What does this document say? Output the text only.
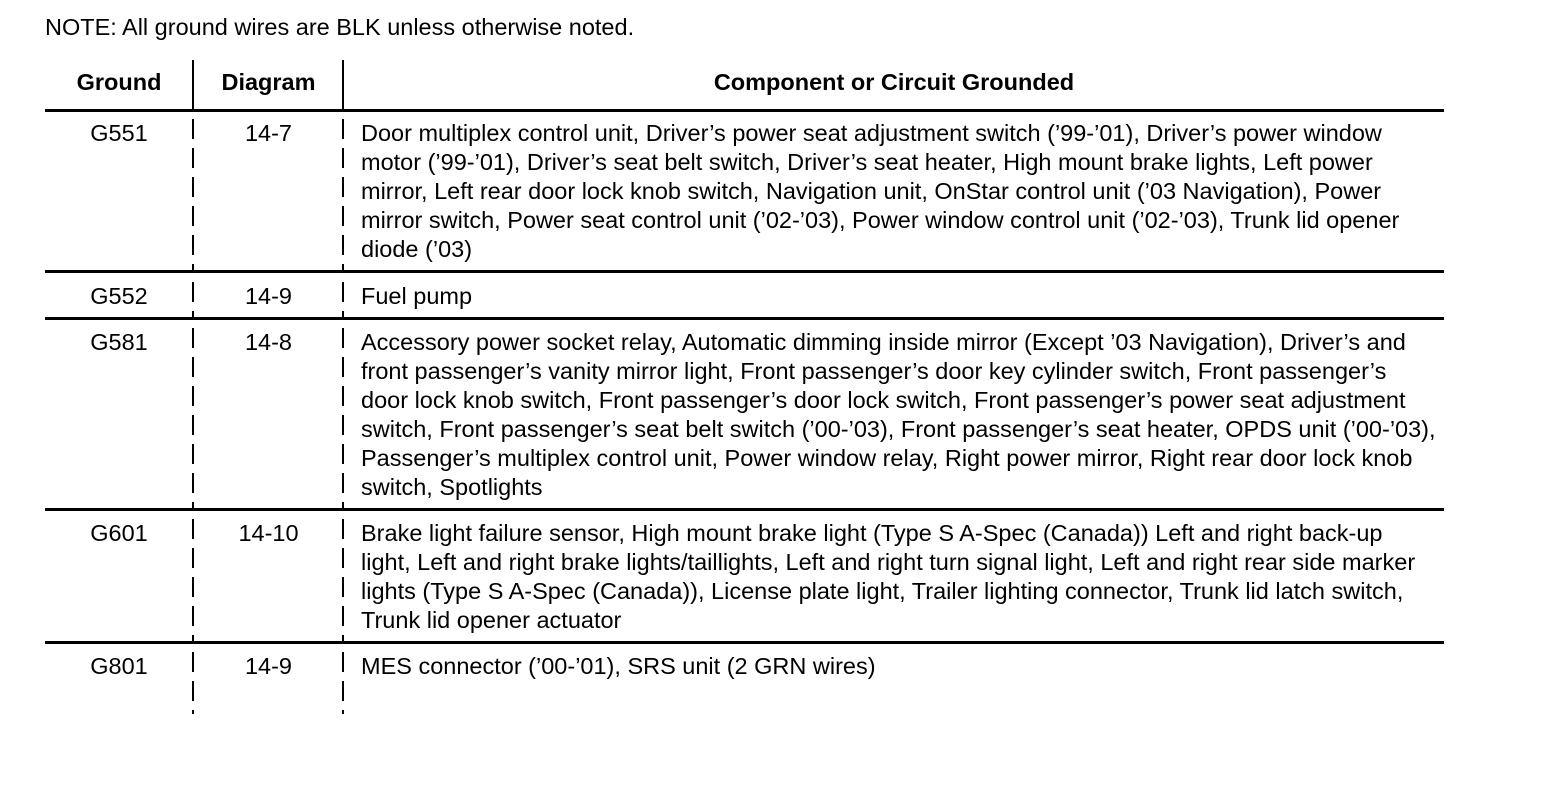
NOTE: All ground wires are BLK unless otherwise noted.
Ground	Diagram	Component or Circuit Grounded
G551	14-7	Door multiplex control unit, Driver’s power seat adjustment switch (’99-’01), Driver’s power window motor (’99-’01), Driver’s seat belt switch, Driver’s seat heater, High mount brake lights, Left power mirror, Left rear door lock knob switch, Navigation unit, OnStar control unit (’03 Navigation), Power mirror switch, Power seat control unit (’02-’03), Power window control unit (’02-’03), Trunk lid opener diode (’03)
G552	14-9	Fuel pump
G581	14-8	Accessory power socket relay, Automatic dimming inside mirror (Except ’03 Navigation), Driver’s and front passenger’s vanity mirror light, Front passenger’s door key cylinder switch, Front passenger’s door lock knob switch, Front passenger’s door lock switch, Front passenger’s power seat adjustment switch, Front passenger’s seat belt switch (’00-’03), Front passenger’s seat heater, OPDS unit (’00-’03), Passenger’s multiplex control unit, Power window relay, Right power mirror, Right rear door lock knob switch, Spotlights
G601	14-10	Brake light failure sensor, High mount brake light (Type S A-Spec (Canada)) Left and right back-up light, Left and right brake lights/taillights, Left and right turn signal light, Left and right rear side marker lights (Type S A-Spec (Canada)), License plate light, Trailer lighting connector, Trunk lid latch switch, Trunk lid opener actuator
G801	14-9	MES connector (’00-’01), SRS unit (2 GRN wires)
